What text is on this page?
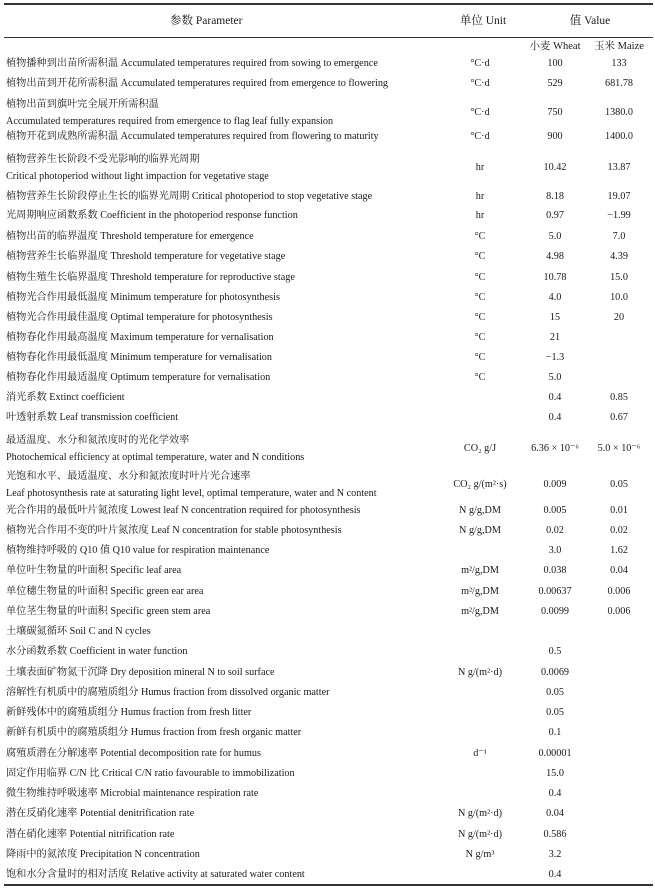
参数 Parameter	单位 Unit	值 Value
小麦 Wheat	玉米 Maize
植物播种到出苗所需积温 Accumulated temperatures required from sowing to emergence	°C·d	100	133
植物出苗到开花所需积温 Accumulated temperatures required from emergence to flowering	°C·d	529	681.78
植物出苗到旗叶完全展开所需积温
Accumulated temperatures required from emergence to flag leaf fully expansion
°C·d	750	1380.0
植物开花到成熟所需积温 Accumulated temperatures required from flowering to maturity	°C·d	900	1400.0
植物营养生长阶段不受光影响的临界光周期
Critical photoperiod without light impaction for vegetative stage
hr	10.42	13.87
植物营养生长阶段停止生长的临界光周期 Critical photoperiod to stop vegetative stage	hr	8.18	19.07
光周期响应函数系数 Coefficient in the photoperiod response function	hr	0.97	−1.99
植物出苗的临界温度 Threshold temperature for emergence	°C	5.0	7.0
植物营养生长临界温度 Threshold temperature for vegetative stage	°C	4.98	4.39
植物生殖生长临界温度 Threshold temperature for reproductive stage	°C	10.78	15.0
植物光合作用最低温度 Minimum temperature for photosynthesis	°C	4.0	10.0
植物光合作用最佳温度 Optimal temperature for photosynthesis	°C	15	20
植物春化作用最高温度 Maximum temperature for vernalisation	°C	21
植物春化作用最低温度 Minimum temperature for vernalisation	°C	−1.3
植物春化作用最适温度 Optimum temperature for vernalisation	°C	5.0
消光系数 Extinct coefficient	0.4	0.85
叶透射系数 Leaf transmission coefficient	0.4	0.67
最适温度、水分和氮浓度时的光化学效率
Photochemical efficiency at optimal temperature, water and N conditions
CO₂ g/J	6.36 × 10⁻⁶	5.0 × 10⁻⁶
光饱和水平、最适温度、水分和氮浓度时叶片光合速率
Leaf photosynthesis rate at saturating light level, optimal temperature, water and N content
CO₂ g/(m²·s)	0.009	0.05
光合作用的最低叶片氮浓度 Lowest leaf N concentration required for photosynthesis	N g/g,DM	0.005	0.01
植物光合作用不变的叶片氮浓度 Leaf N concentration for stable photosynthesis	N g/g,DM	0.02	0.02
植物维持呼吸的 Q10 值 Q10 value for respiration maintenance	3.0	1.62
单位叶生物量的叶面积 Specific leaf area	m²/g,DM	0.038	0.04
单位穗生物量的叶面积 Specific green ear area	m²/g,DM	0.00637	0.006
单位茎生物量的叶面积 Specific green stem area	m²/g,DM	0.0099	0.006
土壤碳氮循环 Soil C and N cycles
水分函数系数 Coefficient in water function	0.5
土壤表面矿物氮干沉降 Dry deposition mineral N to soil surface	N g/(m²·d)	0.0069
溶解性有机质中的腐殖质组分 Humus fraction from dissolved organic matter	0.05
新鲜残体中的腐殖质组分 Humus fraction from fresh litter	0.05
新鲜有机质中的腐殖质组分 Humus fraction from fresh organic matter	0.1
腐殖质潜在分解速率 Potential decomposition rate for humus	d⁻¹	0.00001
固定作用临界 C/N 比 Critical C/N ratio favourable to immobilization	15.0
微生物维持呼吸速率 Microbial maintenance respiration rate	0.4
潜在反硝化速率 Potential denitrification rate	N g/(m²·d)	0.04
潜在硝化速率 Potential nitrification rate	N g/(m²·d)	0.586
降雨中的氮浓度 Precipitation N concentration	N g/m³	3.2
饱和水分含量时的相对活度 Relative activity at saturated water content	0.4
